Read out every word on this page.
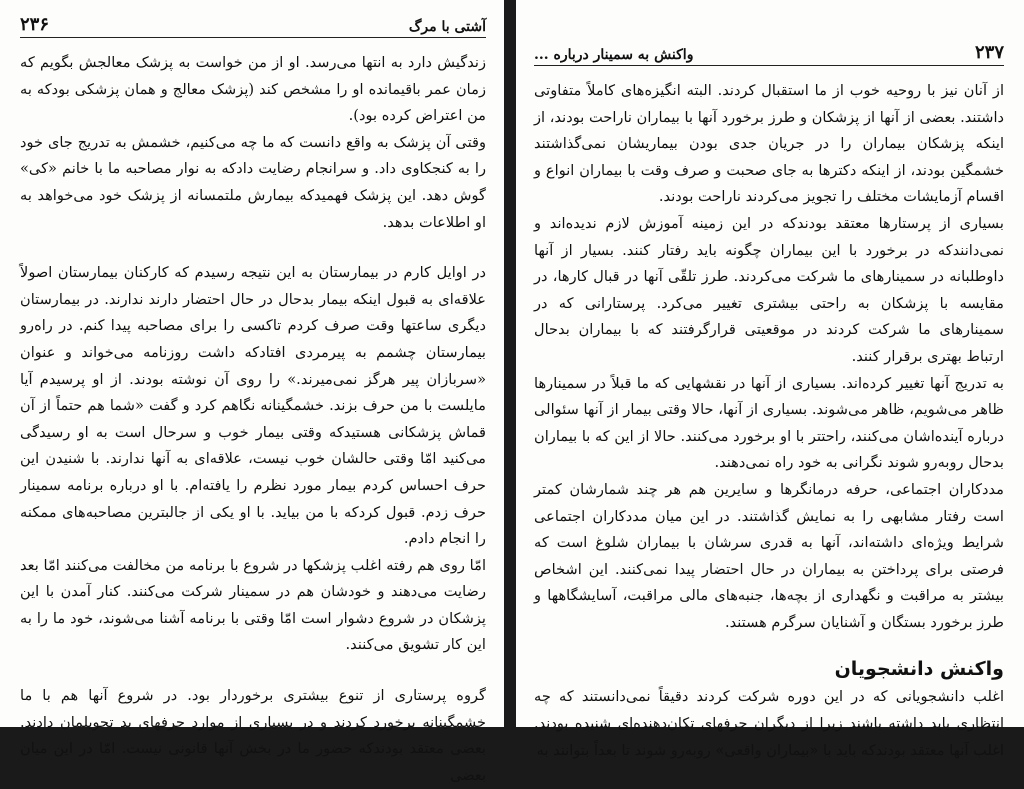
آشتی با مرگ
۲۳۶

زندگیش دارد به انتها می‌رسد. او از من خواست به پزشک معالجش بگویم که زمان عمر باقیمانده او را مشخص کند (پزشک معالج و همان پزشکی بودکه به من اعتراض کرده بود).

وقتی آن پزشک به واقع دانست که ما چه می‌کنیم، خشمش به تدریج جای خود را به کنجکاوی داد. و سرانجام رضایت دادکه به نوار مصاحبه ما با خانم «کی» گوش دهد. این پزشک فهمیدکه بیمارش ملتمسانه از پزشک خود می‌خواهد به او اطلاعات بدهد.

در اوایل کارم در بیمارستان به این نتیجه رسیدم که کارکنان بیمارستان اصولاً علاقه‌ای به قبول اینکه بیمار بدحال در حال احتضار دارند ندارند. در بیمارستان دیگری ساعتها وقت صرف کردم تاکسی را برای مصاحبه پیدا کنم. در راه‌رو بیمارستان چشمم به پیرمردی افتادکه داشت روزنامه می‌خواند و عنوان «سربازان پیر هرگز نمی‌میرند.» را روی آن نوشته بودند. از او پرسیدم آیا مایلست با من حرف بزند. خشمگینانه نگاهم کرد و گفت «شما هم حتماً از آن قماش پزشکانی هستیدکه وقتی بیمار خوب و سرحال است به او رسیدگی می‌کنید امّا وقتی حالشان خوب نیست، علاقه‌ای به آنها ندارند. با شنیدن این حرف احساس کردم بیمار مورد نظرم را یافته‌ام. با او درباره برنامه سمینار حرف زدم. قبول کردکه با من بیاید. با او یکی از جالبترین مصاحبه‌های ممکنه را انجام دادم.

امّا روی هم رفته اغلب پزشکها در شروع با برنامه من مخالفت می‌کنند امّا بعد رضایت می‌دهند و خودشان هم در سمینار شرکت می‌کنند. کنار آمدن با این پزشکان در شروع دشوار است امّا وقتی با برنامه آشنا می‌شوند، خود ما را به این کار تشویق می‌کنند.

گروه پرستاری از تنوع بیشتری برخوردار بود. در شروع آنها هم با ما خشمگینانه برخورد کردند و در بسیاری از موارد حرفهای بد تحویلمان دادند. بعضی معتقد بودندکه حضور ما در بخش آنها قانونی نیست. امّا در این میان بعضی

۲۳۷
واکنش به سمینار درباره ...

از آنان نیز با روحیه خوب از ما استقبال کردند. البته انگیزه‌های کاملاً متفاوتی داشتند. بعضی از آنها از پزشکان و طرز برخورد آنها با بیماران ناراحت بودند، از اینکه پزشکان بیماران را در جریان جدی بودن بیماریشان نمی‌گذاشتند خشمگین بودند، از اینکه دکترها به جای صحبت و صرف وقت با بیماران انواع و اقسام آزمایشات مختلف را تجویز می‌کردند ناراحت بودند.

بسیاری از پرستارها معتقد بودندکه در این زمینه آموزش لازم ندیده‌اند و نمی‌دانندکه در برخورد با این بیماران چگونه باید رفتار کنند. بسیار از آنها داوطلبانه در سمینارهای ما شرکت می‌کردند. طرز تلقّی آنها در قبال کارها، در مقایسه با پزشکان به راحتی بیشتری تغییر می‌کرد. پرستارانی که در سمینارهای ما شرکت کردند در موقعیتی قرارگرفتند که با بیماران بدحال ارتباط بهتری برقرار کنند.

به تدریج آنها تغییر کرده‌اند. بسیاری از آنها در نقشهایی که ما قبلاً در سمینارها ظاهر می‌شویم، ظاهر می‌شوند. بسیاری از آنها، حالا وقتی بیمار از آنها سئوالی درباره آینده‌اشان می‌کنند، راحتتر با او برخورد می‌کنند. حالا از این که با بیماران بدحال روبه‌رو شوند نگرانی به خود راه نمی‌دهند.

مددکاران اجتماعی، حرفه درمانگرها و سایرین هم هر چند شمارشان کمتر است رفتار مشابهی را به نمایش گذاشتند. در این میان مددکاران اجتماعی شرایط ویژه‌ای داشته‌اند، آنها به قدری سرشان با بیماران شلوغ است که فرصتی برای پرداختن به بیماران در حال احتضار پیدا نمی‌کنند. این اشخاص بیشتر به مراقبت و نگهداری از بچه‌ها، جنبه‌های مالی مراقبت، آسایشگاهها و طرز برخورد بستگان و آشنایان سرگرم هستند.

واکنش دانشجویان

اغلب دانشجویانی که در این دوره شرکت کردند دقیقاً نمی‌دانستند که چه انتظاری باید داشته باشند زیرا از دیگران حرفهای تکان‌دهنده‌ای شنیده بودند. اغلب آنها معتقد بودندکه باید با «بیماران واقعی» روبه‌رو شوند تا بعداً بتوانند به
